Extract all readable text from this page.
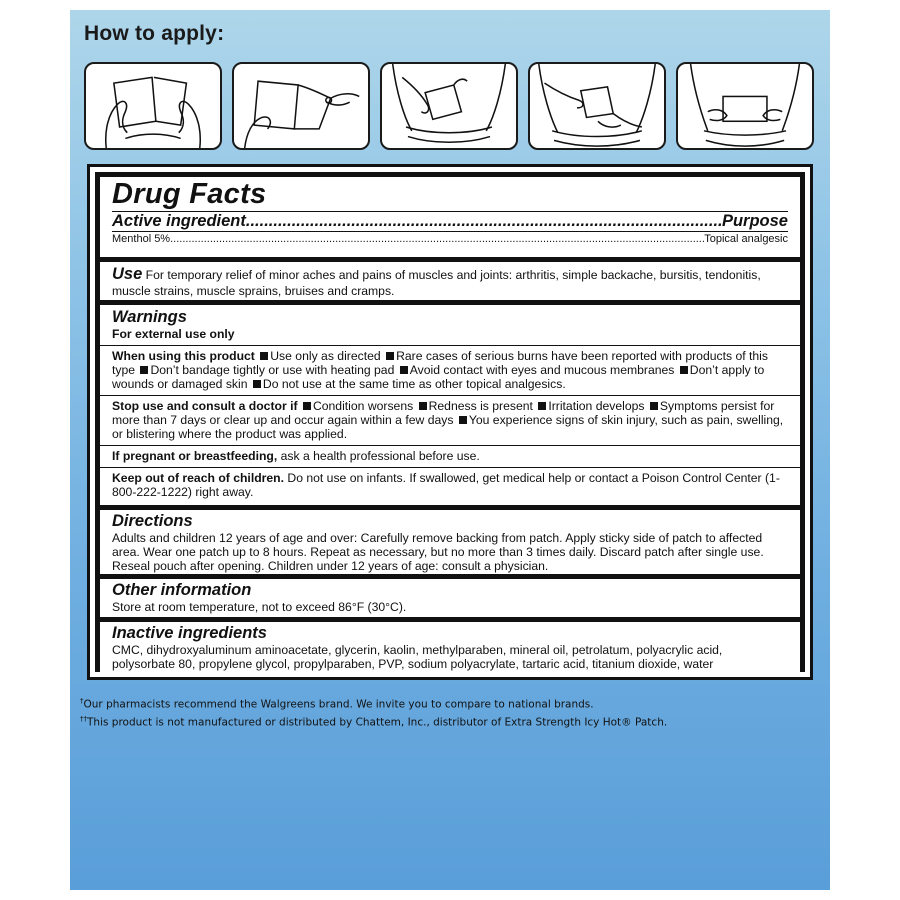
How to apply:
Drug Facts
Active ingredient .....	Purpose
Menthol 5% .....	Topical analgesic
Use For temporary relief of minor aches and pains of muscles and joints: arthritis, simple backache, bursitis, tendonitis, muscle strains, muscle sprains, bruises and cramps.
Warnings
For external use only
When using this product Use only as directed Rare cases of serious burns have been reported with products of this type Don’t bandage tightly or use with heating pad Avoid contact with eyes and mucous membranes Don’t apply to wounds or damaged skin Do not use at the same time as other topical analgesics.
Stop use and consult a doctor if Condition worsens Redness is present Irritation develops Symptoms persist for more than 7 days or clear up and occur again within a few days You experience signs of skin injury, such as pain, swelling, or blistering where the product was applied.
If pregnant or breastfeeding, ask a health professional before use.
Keep out of reach of children. Do not use on infants. If swallowed, get medical help or contact a Poison Control Center (1-800-222-1222) right away.
Directions
Adults and children 12 years of age and over: Carefully remove backing from patch. Apply sticky side of patch to affected area. Wear one patch up to 8 hours. Repeat as necessary, but no more than 3 times daily. Discard patch after single use. Reseal pouch after opening. Children under 12 years of age: consult a physician.
Other information
Store at room temperature, not to exceed 86°F (30°C).
Inactive ingredients
CMC, dihydroxyaluminum aminoacetate, glycerin, kaolin, methylparaben, mineral oil, petrolatum, polyacrylic acid, polysorbate 80, propylene glycol, propylparaben, PVP, sodium polyacrylate, tartaric acid, titanium dioxide, water
†Our pharmacists recommend the Walgreens brand. We invite you to compare to national brands.
††This product is not manufactured or distributed by Chattem, Inc., distributor of Extra Strength Icy Hot® Patch.
